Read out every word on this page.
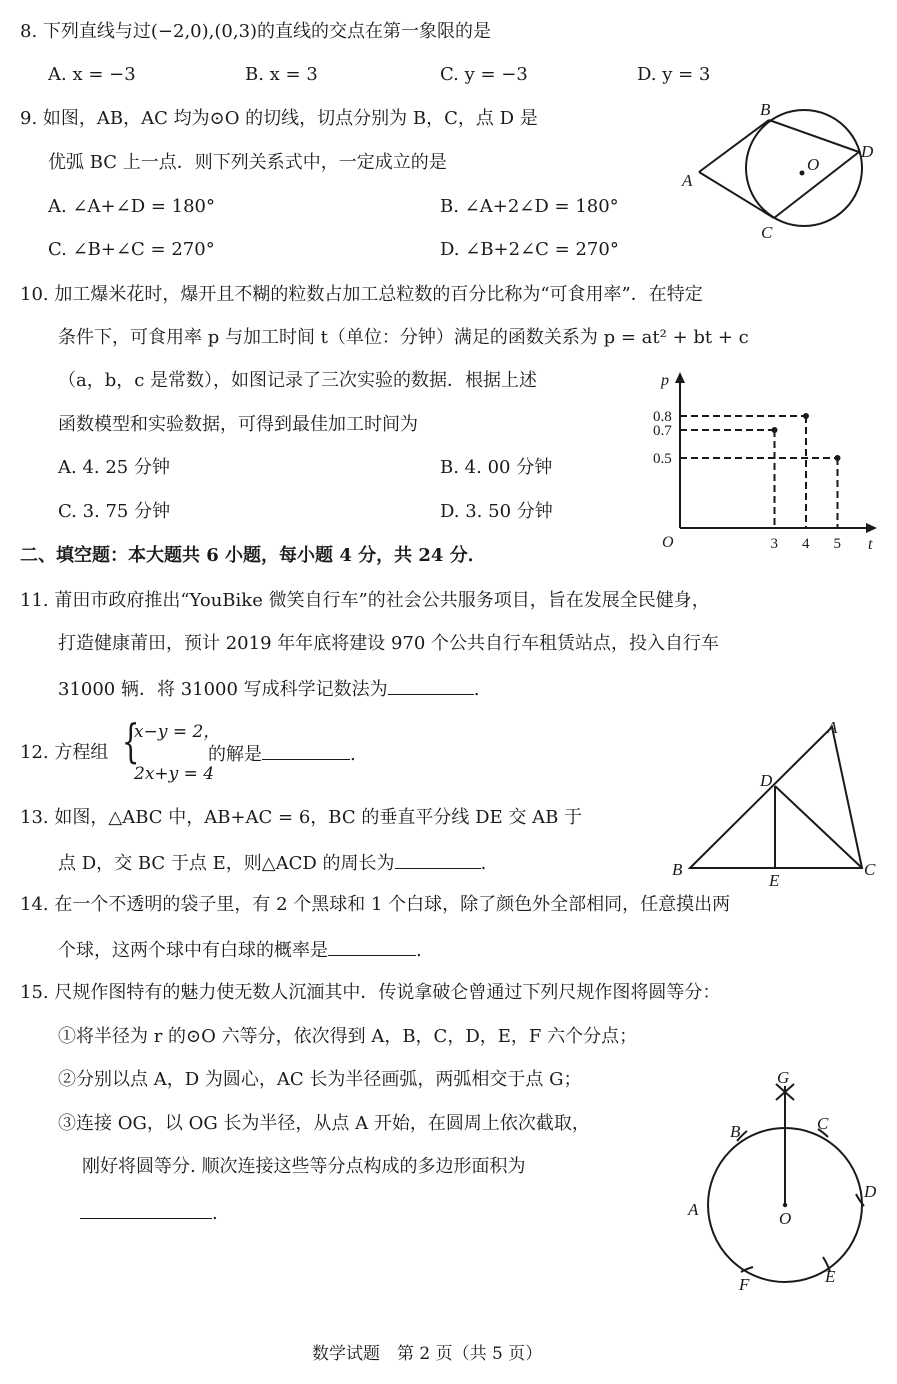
8. 下列直线与过(−2,0),(0,3)的直线的交点在第一象限的是
A. x = −3	B. x = 3	C. y = −3	D. y = 3
9. 如图，AB，AC 均为⊙O 的切线，切点分别为 B，C，点 D 是
优弧 BC 上一点．则下列关系式中，一定成立的是
A. ∠A+∠D = 180°	B. ∠A+2∠D = 180°
C. ∠B+∠C = 270°	D. ∠B+2∠C = 270°
A
B
C
D
O
10. 加工爆米花时，爆开且不糊的粒数占加工总粒数的百分比称为“可食用率”．在特定
条件下，可食用率 p 与加工时间 t（单位：分钟）满足的函数关系为 p = at² + bt + c
（a，b，c 是常数），如图记录了三次实验的数据．根据上述
函数模型和实验数据，可得到最佳加工时间为
A. 4. 25 分钟	B. 4. 00 分钟
C. 3. 75 分钟	D. 3. 50 分钟
O	t
p
3 4 5
0.5
0.7
0.8
二、填空题：本大题共 6 小题，每小题 4 分，共 24 分．
11. 莆田市政府推出“YouBike 微笑自行车”的社会公共服务项目，旨在发展全民健身，
打造健康莆田，预计 2019 年年底将建设 970 个公共自行车租赁站点，投入自行车
31000 辆．将 31000 写成科学记数法为	.
12. 方程组 {
x−y = 2，
2x+y = 4
的解是	.
A
B	C
D
E
13. 如图，△ABC 中，AB+AC = 6，BC 的垂直平分线 DE 交 AB 于
点 D，交 BC 于点 E，则△ACD 的周长为	.
14. 在一个不透明的袋子里，有 2 个黑球和 1 个白球，除了颜色外全部相同，任意摸出两
个球，这两个球中有白球的概率是	.
15. 尺规作图特有的魅力使无数人沉湎其中．传说拿破仑曾通过下列尺规作图将圆等分：
①将半径为 r 的⊙O 六等分，依次得到 A，B，C，D，E，F 六个分点；
②分别以点 A，D 为圆心，AC 长为半径画弧，两弧相交于点 G；
③连接 OG，以 OG 长为半径，从点 A 开始，在圆周上依次截取，
刚好将圆等分. 顺次连接这些等分点构成的多边形面积为
.	A
B	C
D
E
F
G
O
数学试题　第 2 页（共 5 页）
